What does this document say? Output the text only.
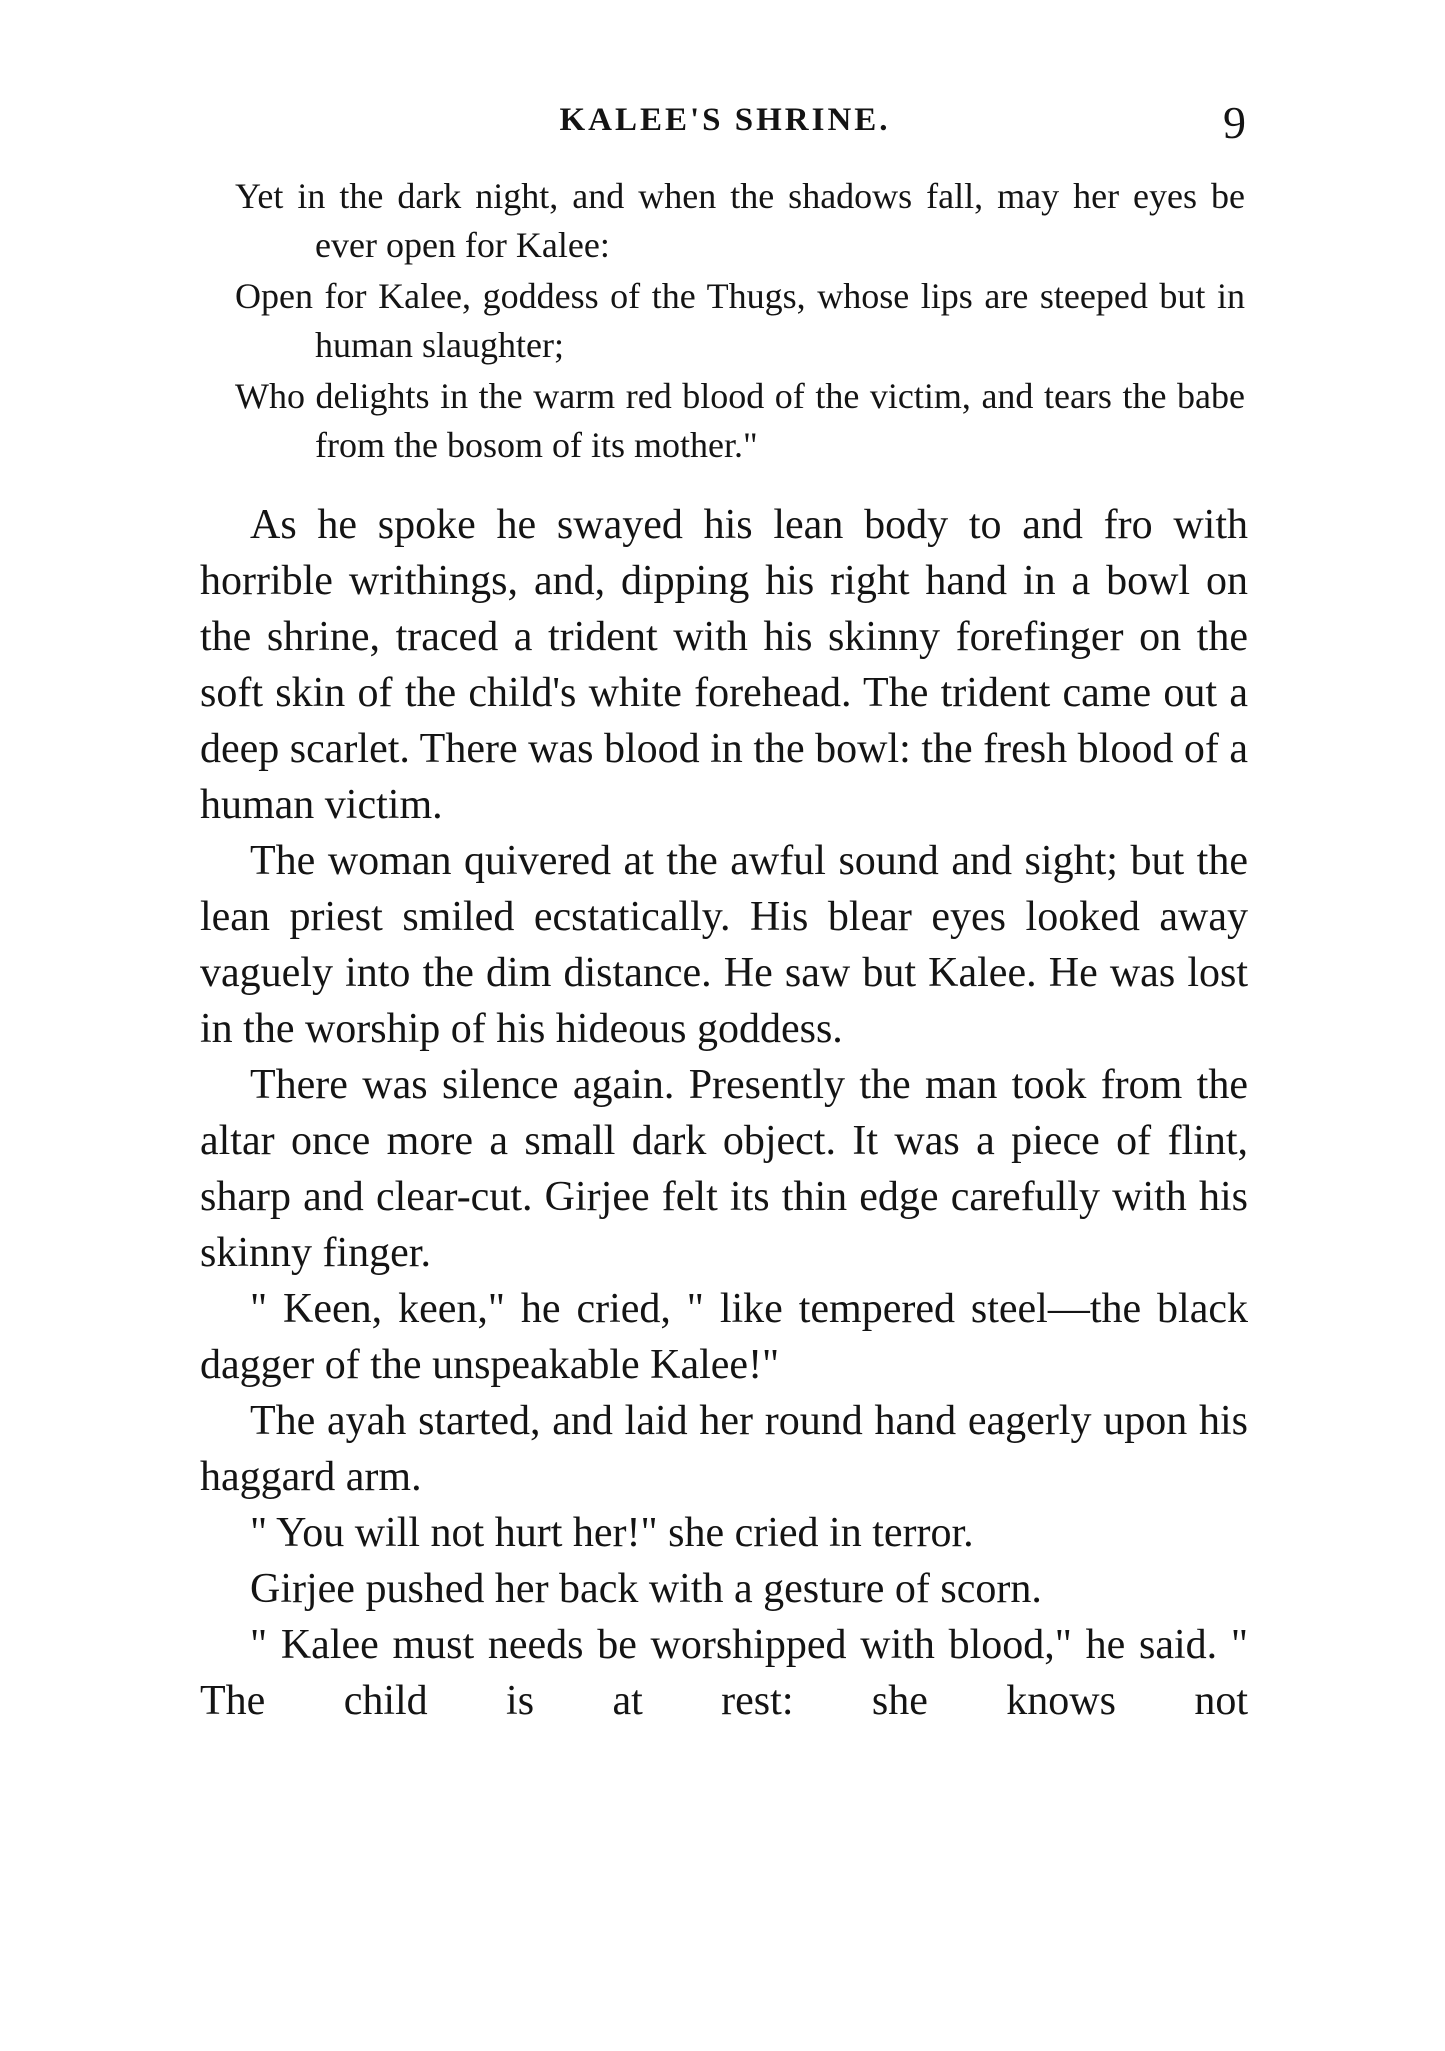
KALEE'S SHRINE.	9

Yet in the dark night, and when the shadows fall, may her eyes be ever open for Kalee:

Open for Kalee, goddess of the Thugs, whose lips are steeped but in human slaughter;

Who delights in the warm red blood of the victim, and tears the babe from the bosom of its mother."

As he spoke he swayed his lean body to and fro with horrible writhings, and, dipping his right hand in a bowl on the shrine, traced a trident with his skinny forefinger on the soft skin of the child's white forehead. The trident came out a deep scarlet. There was blood in the bowl: the fresh blood of a human victim.

The woman quivered at the awful sound and sight; but the lean priest smiled ecstatically. His blear eyes looked away vaguely into the dim distance. He saw but Kalee. He was lost in the worship of his hideous goddess.

There was silence again. Presently the man took from the altar once more a small dark object. It was a piece of flint, sharp and clear-cut. Girjee felt its thin edge carefully with his skinny finger.

" Keen, keen," he cried, " like tempered steel—the black dagger of the unspeakable Kalee!"

The ayah started, and laid her round hand eagerly upon his haggard arm.

" You will not hurt her!" she cried in terror.

Girjee pushed her back with a gesture of scorn.

" Kalee must needs be worshipped with blood," he said. " The child is at rest: she knows not
